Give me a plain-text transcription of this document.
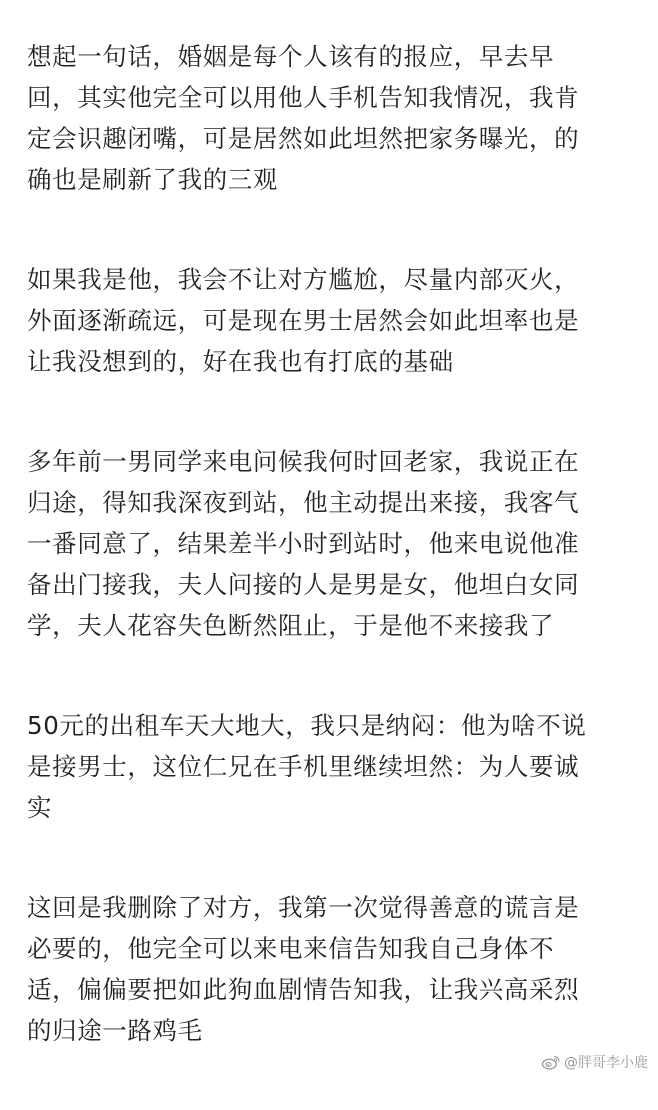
想起一句话，婚姻是每个人该有的报应，早去早
回，其实他完全可以用他人手机告知我情况，我肯
定会识趣闭嘴，可是居然如此坦然把家务曝光，的
确也是刷新了我的三观

如果我是他，我会不让对方尴尬，尽量内部灭火，
外面逐渐疏远，可是现在男士居然会如此坦率也是
让我没想到的，好在我也有打底的基础

多年前一男同学来电问候我何时回老家，我说正在
归途，得知我深夜到站，他主动提出来接，我客气
一番同意了，结果差半小时到站时，他来电说他准
备出门接我，夫人问接的人是男是女，他坦白女同
学，夫人花容失色断然阻止，于是他不来接我了

50元的出租车天大地大，我只是纳闷：他为啥不说
是接男士，这位仁兄在手机里继续坦然：为人要诚
实

这回是我删除了对方，我第一次觉得善意的谎言是
必要的，他完全可以来电来信告知我自己身体不
适，偏偏要把如此狗血剧情告知我，让我兴高采烈
的归途一路鸡毛

@胖哥李小鹿
